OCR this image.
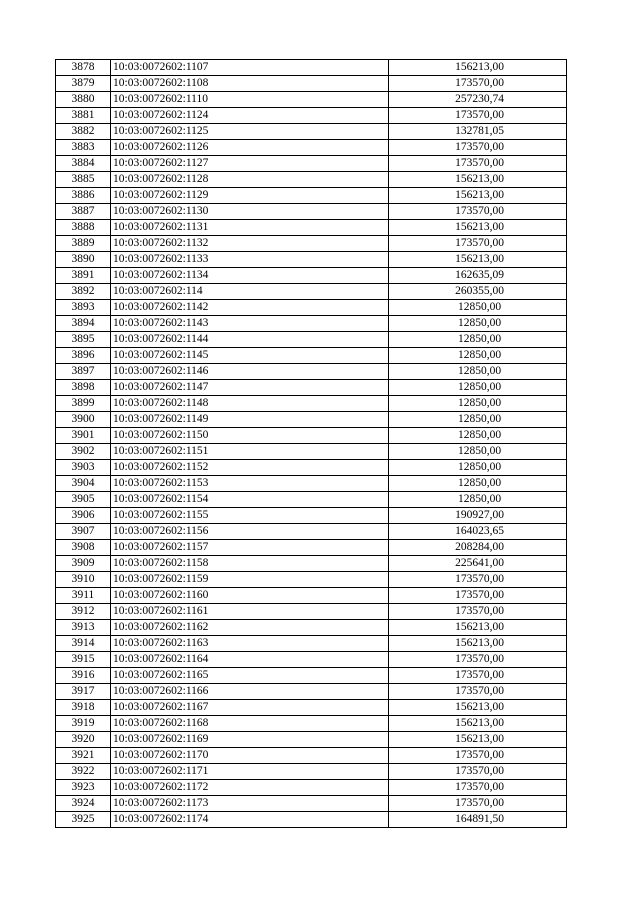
3878	10:03:0072602:1107	156213,00
3879	10:03:0072602:1108	173570,00
3880	10:03:0072602:1110	257230,74
3881	10:03:0072602:1124	173570,00
3882	10:03:0072602:1125	132781,05
3883	10:03:0072602:1126	173570,00
3884	10:03:0072602:1127	173570,00
3885	10:03:0072602:1128	156213,00
3886	10:03:0072602:1129	156213,00
3887	10:03:0072602:1130	173570,00
3888	10:03:0072602:1131	156213,00
3889	10:03:0072602:1132	173570,00
3890	10:03:0072602:1133	156213,00
3891	10:03:0072602:1134	162635,09
3892	10:03:0072602:114	260355,00
3893	10:03:0072602:1142	12850,00
3894	10:03:0072602:1143	12850,00
3895	10:03:0072602:1144	12850,00
3896	10:03:0072602:1145	12850,00
3897	10:03:0072602:1146	12850,00
3898	10:03:0072602:1147	12850,00
3899	10:03:0072602:1148	12850,00
3900	10:03:0072602:1149	12850,00
3901	10:03:0072602:1150	12850,00
3902	10:03:0072602:1151	12850,00
3903	10:03:0072602:1152	12850,00
3904	10:03:0072602:1153	12850,00
3905	10:03:0072602:1154	12850,00
3906	10:03:0072602:1155	190927,00
3907	10:03:0072602:1156	164023,65
3908	10:03:0072602:1157	208284,00
3909	10:03:0072602:1158	225641,00
3910	10:03:0072602:1159	173570,00
3911	10:03:0072602:1160	173570,00
3912	10:03:0072602:1161	173570,00
3913	10:03:0072602:1162	156213,00
3914	10:03:0072602:1163	156213,00
3915	10:03:0072602:1164	173570,00
3916	10:03:0072602:1165	173570,00
3917	10:03:0072602:1166	173570,00
3918	10:03:0072602:1167	156213,00
3919	10:03:0072602:1168	156213,00
3920	10:03:0072602:1169	156213,00
3921	10:03:0072602:1170	173570,00
3922	10:03:0072602:1171	173570,00
3923	10:03:0072602:1172	173570,00
3924	10:03:0072602:1173	173570,00
3925	10:03:0072602:1174	164891,50
